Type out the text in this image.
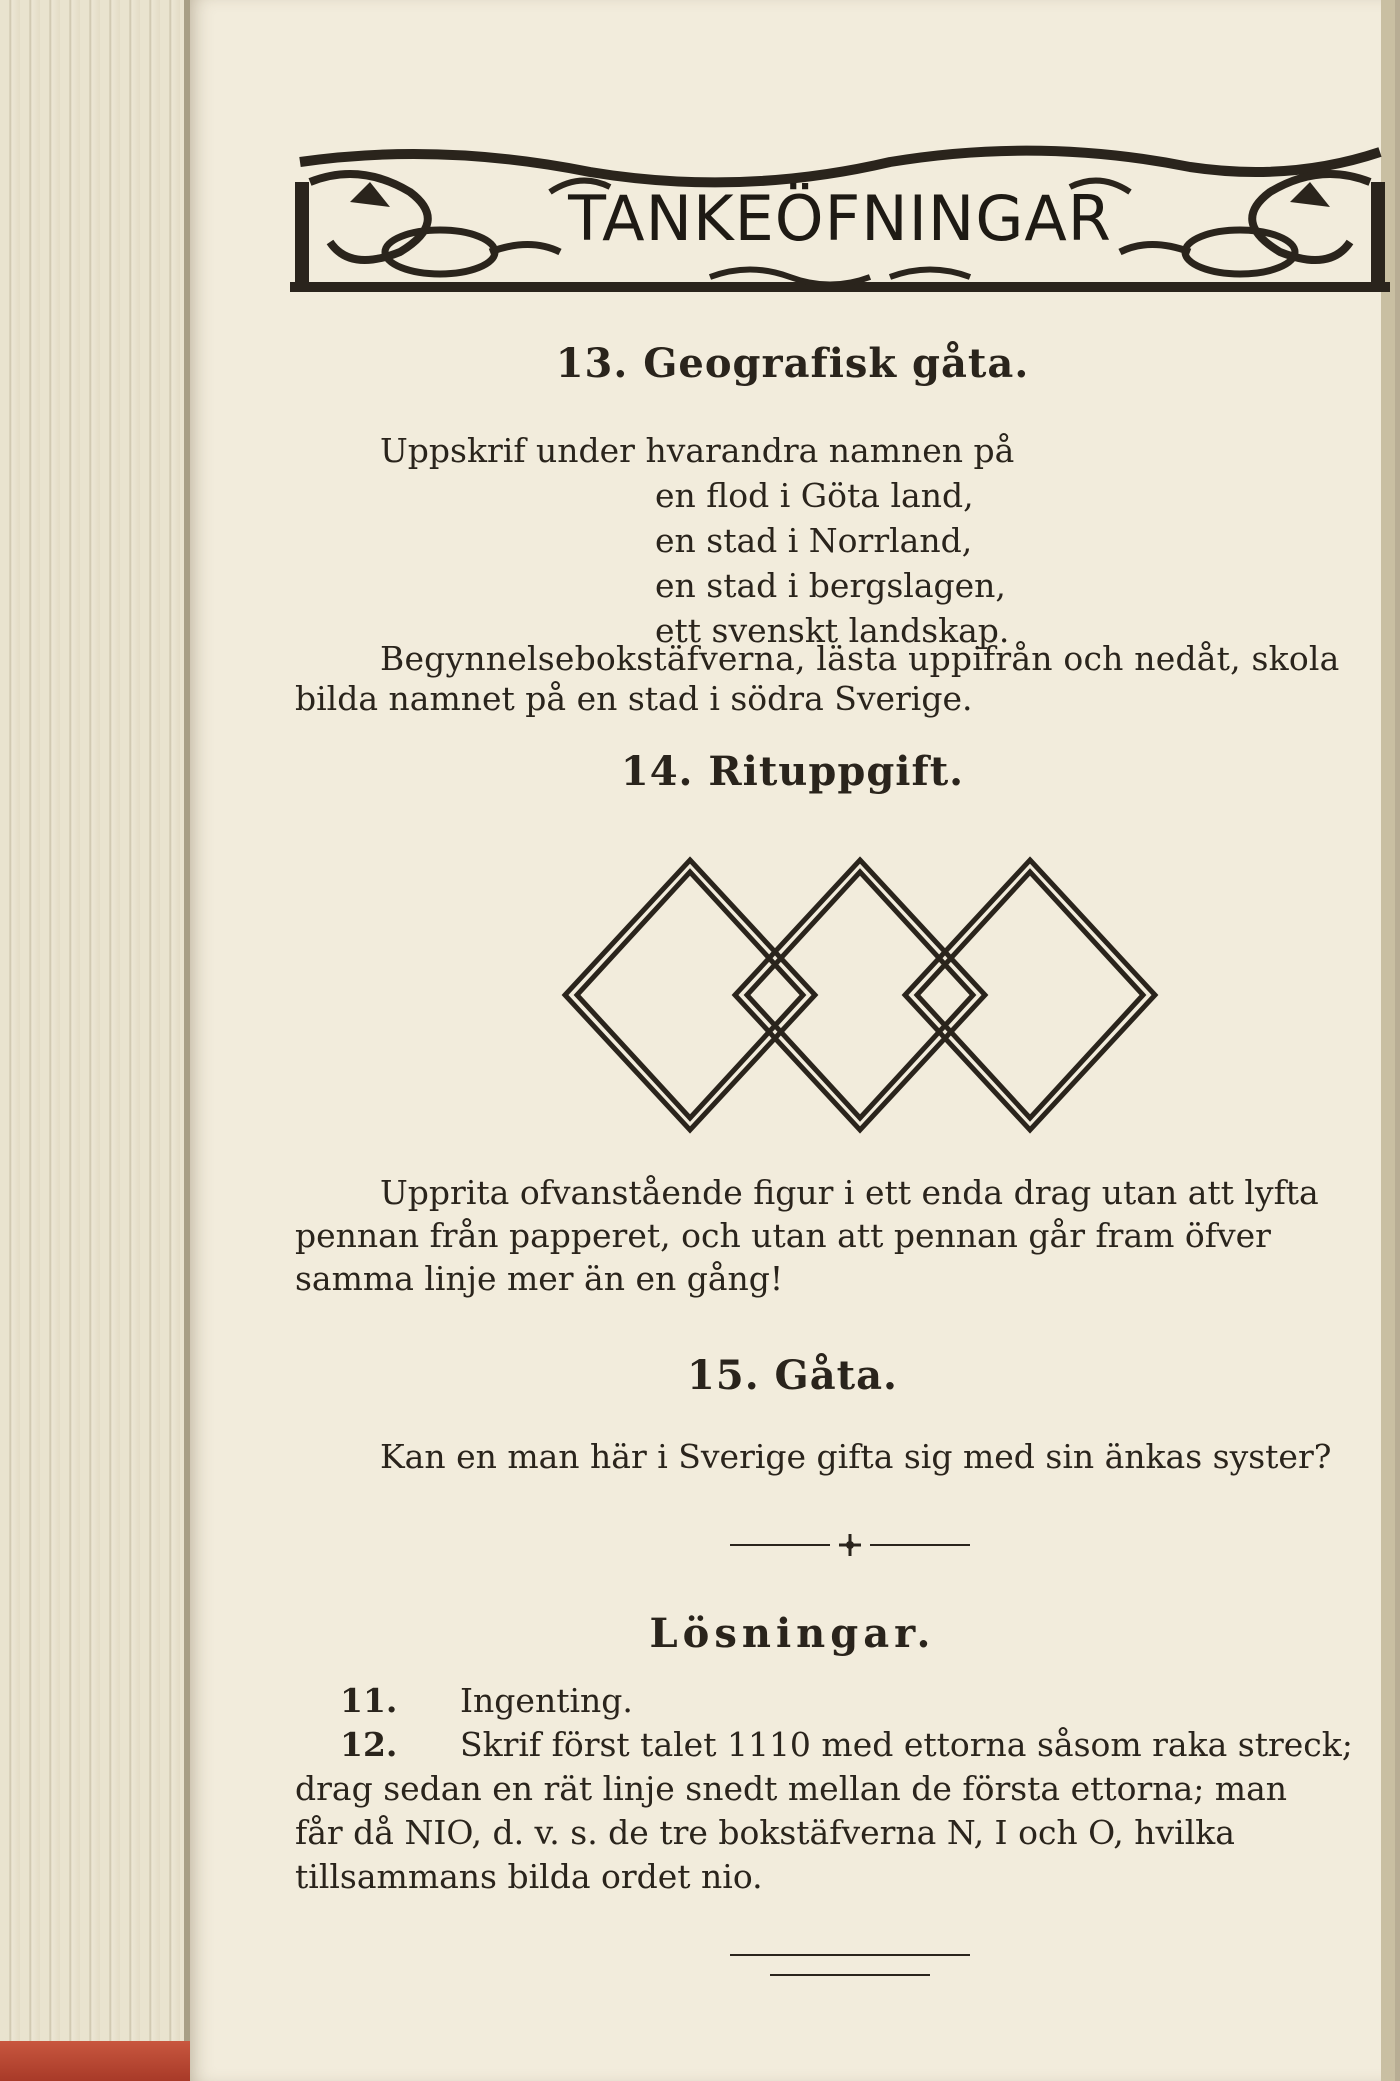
TANKEÖFNINGAR
13. Geografisk gåta.
Uppskrif under hvarandra namnen på
en flod i Göta land,
en stad i Norrland,
en stad i bergslagen,
ett svenskt landskap.
Begynnelsebokstäfverna, lästa uppifrån och nedåt, skola
bilda namnet på en stad i södra Sverige.
14. Rituppgift.
Upprita ofvanstående figur i ett enda drag utan att lyfta
pennan från papperet, och utan att pennan går fram öfver
samma linje mer än en gång!
15. Gåta.
Kan en man här i Sverige gifta sig med sin änkas syster?
Lösningar.
11. Ingenting.
12. Skrif först talet 1110 med ettorna såsom raka streck;
drag sedan en rät linje snedt mellan de första ettorna; man
får då NIO, d. v. s. de tre bokstäfverna N, I och O, hvilka
tillsammans bilda ordet nio.
